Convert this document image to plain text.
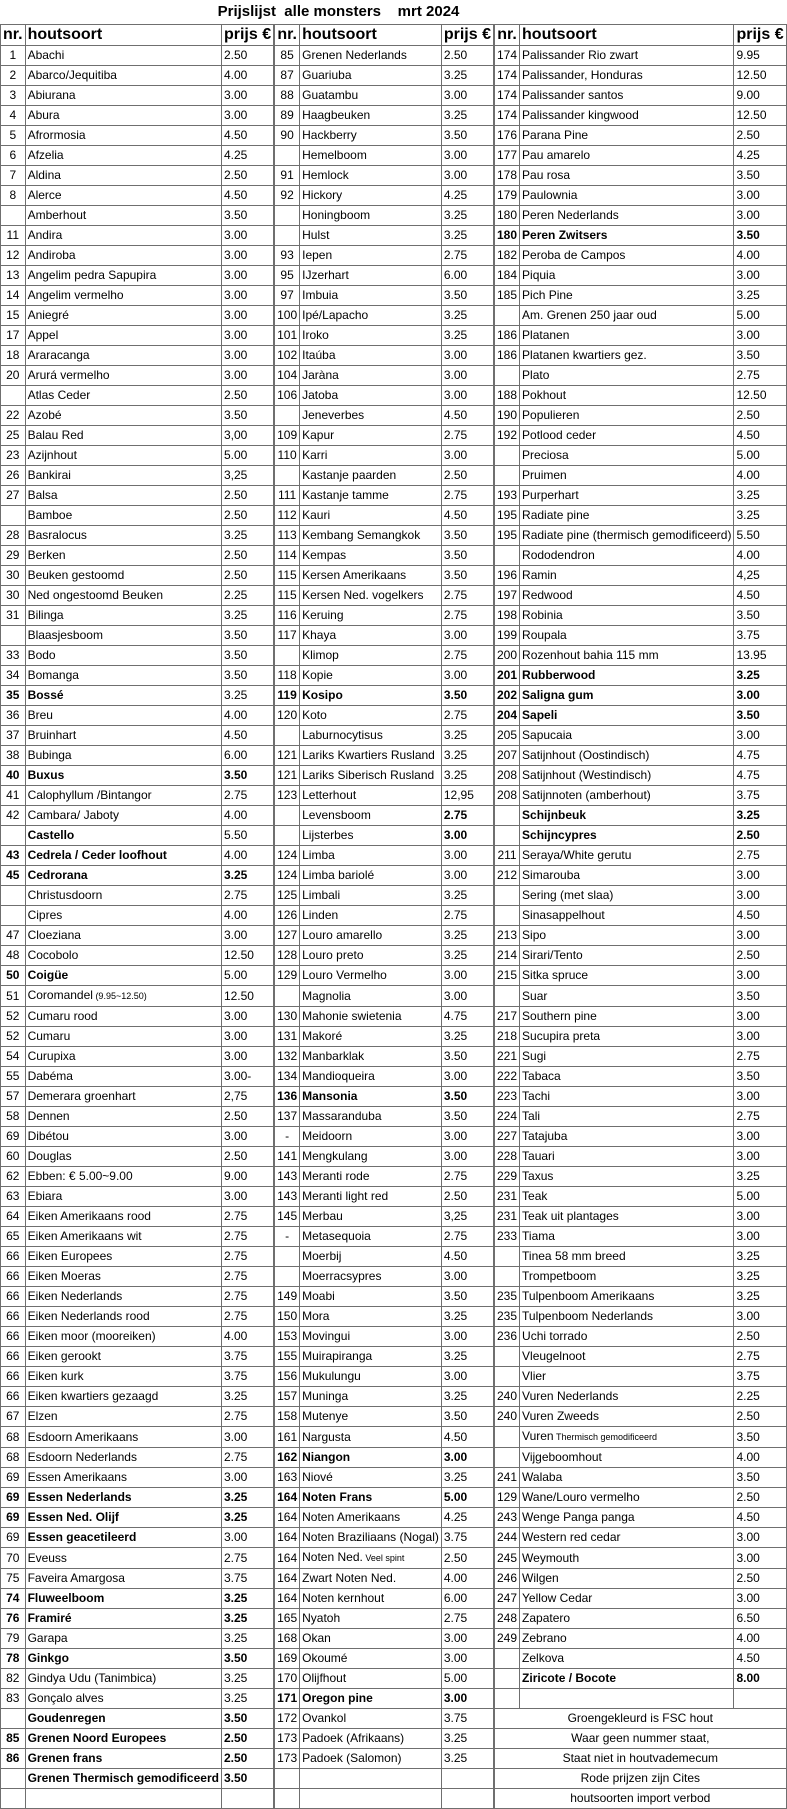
Prijslijst  alle monsters    mrt 2024
nr.	houtsoort	prijs €		nr.	houtsoort	prijs €		nr.	houtsoort	prijs €
1	Abachi	2.50		85	Grenen Nederlands	2.50		174	Palissander Rio zwart	9.95
2	Abarco/Jequitiba	4.00		87	Guariuba	3.25		174	Palissander, Honduras	12.50
3	Abiurana	3.00		88	Guatambu	3.00		174	Palissander santos	9.00
4	Abura	3.00		89	Haagbeuken	3.25		174	Palissander kingwood	12.50
5	Afrormosia	4.50		90	Hackberry	3.50		176	Parana Pine	2.50
6	Afzelia	4.25			Hemelboom	3.00		177	Pau amarelo	4.25
7	Aldina	2.50		91	Hemlock	3.00		178	Pau rosa	3.50
8	Alerce	4.50		92	Hickory	4.25		179	Paulownia	3.00
	Amberhout	3.50			Honingboom	3.25		180	Peren Nederlands	3.00
11	Andira	3.00			Hulst	3.25		180	Peren Zwitsers	3.50
12	Andiroba	3.00		93	Iepen	2.75		182	Peroba de Campos	4.00
13	Angelim pedra Sapupira	3.00		95	IJzerhart	6.00		184	Piquia	3.00
14	Angelim vermelho	3.00		97	Imbuia	3.50		185	Pich Pine	3.25
15	Aniegré	3.00		100	Ipé/Lapacho	3.25			Am. Grenen 250 jaar oud	5.00
17	Appel	3.00		101	Iroko	3.25		186	Platanen	3.00
18	Araracanga	3.00		102	Itaúba	3.00		186	Platanen kwartiers gez.	3.50
20	Arurá vermelho	3.00		104	Jaràna	3.00			Plato	2.75
	Atlas Ceder	2.50		106	Jatoba	3.00		188	Pokhout	12.50
22	Azobé	3.50			Jeneverbes	4.50		190	Populieren	2.50
25	Balau Red	3,00		109	Kapur	2.75		192	Potlood ceder	4.50
23	Azijnhout	5.00		110	Karri	3.00			Preciosa	5.00
26	Bankirai	3,25			Kastanje paarden	2.50			Pruimen	4.00
27	Balsa	2.50		111	Kastanje tamme	2.75		193	Purperhart	3.25
	Bamboe	2.50		112	Kauri	4.50		195	Radiate pine	3.25
28	Basralocus	3.25		113	Kembang Semangkok	3.50		195	Radiate pine (thermisch gemodificeerd)	5.50
29	Berken	2.50		114	Kempas	3.50			Rododendron	4.00
30	Beuken gestoomd	2.50		115	Kersen Amerikaans	3.50		196	Ramin	4,25
30	Ned ongestoomd Beuken	2.25		115	Kersen Ned. vogelkers	2.75		197	Redwood	4.50
31	Bilinga	3.25		116	Keruing	2.75		198	Robinia	3.50
	Blaasjesboom	3.50		117	Khaya	3.00		199	Roupala	3.75
33	Bodo	3.50			Klimop	2.75		200	Rozenhout bahia 115 mm	13.95
34	Bomanga	3.50		118	Kopie	3.00		201	Rubberwood	3.25
35	Bossé	3.25		119	Kosipo	3.50		202	Saligna gum	3.00
36	Breu	4.00		120	Koto	2.75		204	Sapeli	3.50
37	Bruinhart	4.50			Laburnocytisus	3.25		205	Sapucaia	3.00
38	Bubinga	6.00		121	Lariks Kwartiers Rusland	3.25		207	Satijnhout (Oostindisch)	4.75
40	Buxus	3.50		121	Lariks Siberisch Rusland	3.25		208	Satijnhout (Westindisch)	4.75
41	Calophyllum /Bintangor	2.75		123	Letterhout	12,95		208	Satijnnoten (amberhout)	3.75
42	Cambara/ Jaboty	4.00			Levensboom	2.75			Schijnbeuk	3.25
	Castello	5.50			Lijsterbes	3.00			Schijncypres	2.50
43	Cedrela / Ceder loofhout	4.00		124	Limba	3.00		211	Seraya/White gerutu	2.75
45	Cedrorana	3.25		124	Limba bariolé	3.00		212	Simarouba	3.00
	Christusdoorn	2.75		125	Limbali	3.25			Sering (met slaa)	3.00
	Cipres	4.00		126	Linden	2.75			Sinasappelhout	4.50
47	Cloeziana	3.00		127	Louro amarello	3.25		213	Sipo	3.00
48	Cocobolo	12.50		128	Louro preto	3.25		214	Sirari/Tento	2.50
50	Coigüe	5.00		129	Louro Vermelho	3.00		215	Sitka spruce	3.00
51	Coromandel (9.95~12.50)	12.50			Magnolia	3.00			Suar	3.50
52	Cumaru rood	3.00		130	Mahonie swietenia	4.75		217	Southern pine	3.00
52	Cumaru	3.00		131	Makoré	3.25		218	Sucupira preta	3.00
54	Curupixa	3.00		132	Manbarklak	3.50		221	Sugi	2.75
55	Dabéma	3.00-		134	Mandioqueira	3.00		222	Tabaca	3.50
57	Demerara groenhart	2,75		136	Mansonia	3.50		223	Tachi	3.00
58	Dennen	2.50		137	Massaranduba	3.50		224	Tali	2.75
69	Dibétou	3.00		-	Meidoorn	3.00		227	Tatajuba	3.00
60	Douglas	2.50		141	Mengkulang	3.00		228	Tauari	3.00
62	Ebben: € 5.00~9.00	9.00		143	Meranti rode	2.75		229	Taxus	3.25
63	Ebiara	3.00		143	Meranti light red	2.50		231	Teak	5.00
64	Eiken Amerikaans rood	2.75		145	Merbau	3,25		231	Teak uit plantages	3.00
65	Eiken Amerikaans wit	2.75		-	Metasequoia	2.75		233	Tiama	3.00
66	Eiken Europees	2.75			Moerbij	4.50			Tinea 58 mm breed	3.25
66	Eiken Moeras	2.75			Moerracsypres	3.00			Trompetboom	3.25
66	Eiken Nederlands	2.75		149	Moabi	3.50		235	Tulpenboom Amerikaans	3.25
66	Eiken Nederlands rood	2.75		150	Mora	3.25		235	Tulpenboom Nederlands	3.00
66	Eiken moor (mooreiken)	4.00		153	Movingui	3.00		236	Uchi torrado	2.50
66	Eiken gerookt	3.75		155	Muirapiranga	3.25			Vleugelnoot	2.75
66	Eiken kurk	3.75		156	Mukulungu	3.00			Vlier	3.75
66	Eiken kwartiers gezaagd	3.25		157	Muninga	3.25		240	Vuren Nederlands	2.25
67	Elzen	2.75		158	Mutenye	3.50		240	Vuren Zweeds	2.50
68	Esdoorn Amerikaans	3.00		161	Nargusta	4.50			Vuren Thermisch gemodificeerd	3.50
68	Esdoorn Nederlands	2.75		162	Niangon	3.00			Vijgeboomhout	4.00
69	Essen Amerikaans	3.00		163	Niové	3.25		241	Walaba	3.50
69	Essen Nederlands	3.25		164	Noten Frans	5.00		129	Wane/Louro vermelho	2.50
69	Essen Ned. Olijf	3.25		164	Noten Amerikaans	4.25		243	Wenge Panga panga	4.50
69	Essen geacetileerd	3.00		164	Noten Braziliaans (Nogal)	3.75		244	Western red cedar	3.00
70	Eveuss	2.75		164	Noten Ned. Veel spint	2.50		245	Weymouth	3.00
75	Faveira Amargosa	3.75		164	Zwart Noten Ned.	4.00		246	Wilgen	2.50
74	Fluweelboom	3.25		164	Noten kernhout	6.00		247	Yellow Cedar	3.00
76	Framiré	3.25		165	Nyatoh	2.75		248	Zapatero	6.50
79	Garapa	3.25		168	Okan	3.00		249	Zebrano	4.00
78	Ginkgo	3.50		169	Okoumé	3.00			Zelkova	4.50
82	Gindya Udu (Tanimbica)	3.25		170	Olijfhout	5.00			Ziricote / Bocote	8.00
83	Gonçalo alves	3.25		171	Oregon pine	3.00				
	Goudenregen	3.50		172	Ovankol	3.75		Groengekleurd is FSC hout		
85	Grenen Noord Europees	2.50		173	Padoek (Afrikaans)	3.25		Waar geen nummer staat,		
86	Grenen frans	2.50		173	Padoek (Salomon)	3.25		Staat niet in houtvademecum		
	Grenen Thermisch gemodificeerd	3.50						Rode prijzen zijn Cites		
								houtsoorten import verbod		
